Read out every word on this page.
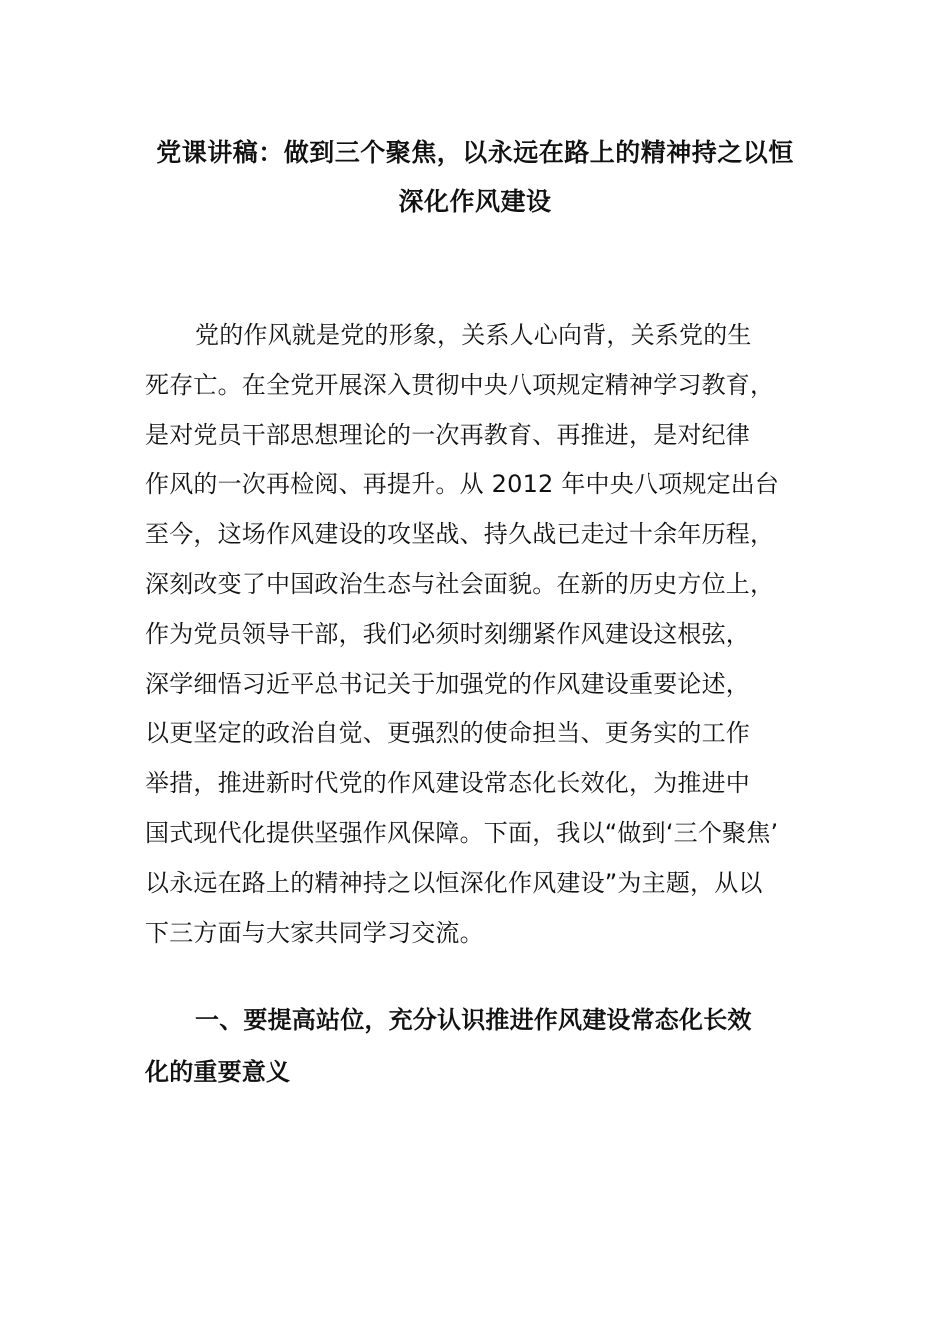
党课讲稿：做到三个聚焦，以永远在路上的精神持之以恒
深化作风建设
党的作风就是党的形象，关系人心向背，关系党的生
死存亡。在全党开展深入贯彻中央八项规定精神学习教育，
是对党员干部思想理论的一次再教育、再推进，是对纪律
作风的一次再检阅、再提升。从 2012 年中央八项规定出台
至今，这场作风建设的攻坚战、持久战已走过十余年历程，
深刻改变了中国政治生态与社会面貌。在新的历史方位上，
作为党员领导干部，我们必须时刻绷紧作风建设这根弦，
深学细悟习近平总书记关于加强党的作风建设重要论述，
以更坚定的政治自觉、更强烈的使命担当、更务实的工作
举措，推进新时代党的作风建设常态化长效化，为推进中
国式现代化提供坚强作风保障。下面，我以“做到‘三个聚焦’
以永远在路上的精神持之以恒深化作风建设”为主题，从以
下三方面与大家共同学习交流。
一、要提高站位，充分认识推进作风建设常态化长效
化的重要意义
